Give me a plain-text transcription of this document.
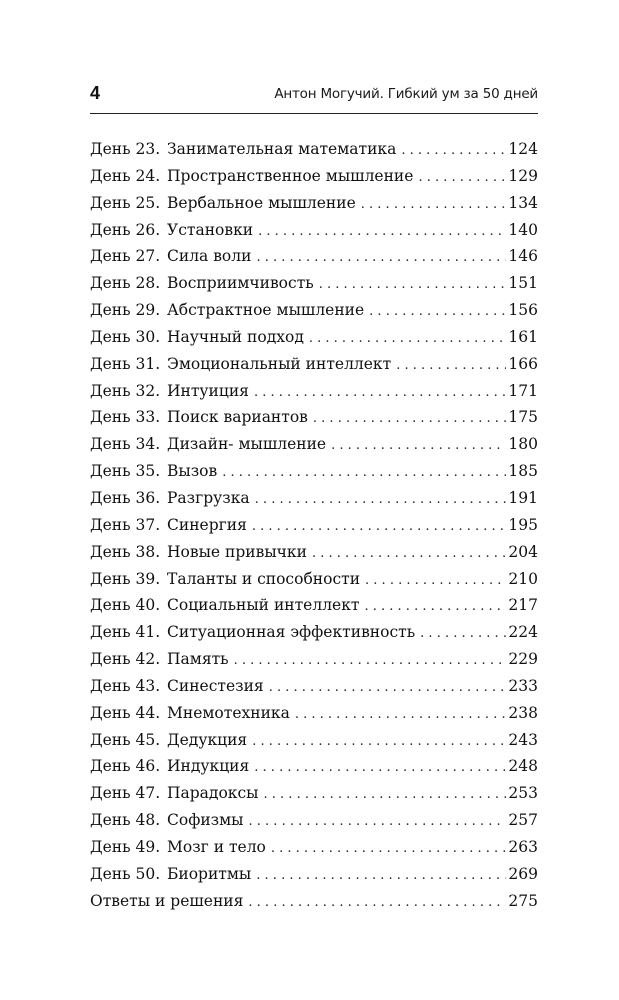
4	Антон Могучий. Гибкий ум за 50 дней
День 23. Занимательная математика . . .	124
День 24. Пространственное мышление . . .	129
День 25. Вербальное мышление . . .	134
День 26. Установки . . .	140
День 27. Сила воли . . .	146
День 28. Восприимчивость . . .	151
День 29. Абстрактное мышление . . .	156
День 30. Научный подход . . .	161
День 31. Эмоциональный интеллект . . .	166
День 32. Интуиция . . .	171
День 33. Поиск вариантов . . .	175
День 34. Дизайн- мышление . . .	180
День 35. Вызов . . .	185
День 36. Разгрузка . . .	191
День 37. Синергия . . .	195
День 38. Новые привычки . . .	204
День 39. Таланты и способности . . .	210
День 40. Социальный интеллект . . .	217
День 41. Ситуационная эффективность . . .	224
День 42. Память . . .	229
День 43. Синестезия . . .	233
День 44. Мнемотехника . . .	238
День 45. Дедукция . . .	243
День 46. Индукция . . .	248
День 47. Парадоксы . . .	253
День 48. Софизмы . . .	257
День 49. Мозг и тело . . .	263
День 50. Биоритмы . . .	269
Ответы и решения . . .	275
